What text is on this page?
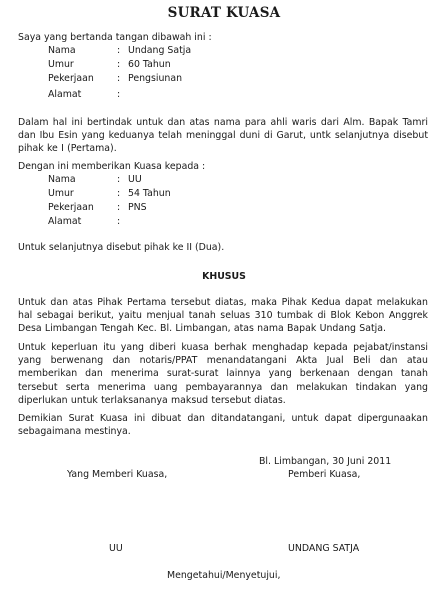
SURAT KUASA
Saya yang bertanda tangan dibawah ini :
Nama	: Undang Satja
Umur	: 60 Tahun
Pekerjaan : Pengsiunan
Alamat	:
Dalam hal ini bertindak untuk dan atas nama para ahli waris dari Alm. Bapak Tamri dan Ibu Esin yang keduanya telah meninggal duni di Garut, untk selanjutnya disebut pihak ke I (Pertama).
Dengan ini memberikan Kuasa kepada :
Nama	: UU
Umur	: 54 Tahun
Pekerjaan : PNS
Alamat	:
Untuk selanjutnya disebut pihak ke II (Dua).
KHUSUS
Untuk dan atas Pihak Pertama tersebut diatas, maka Pihak Kedua dapat melakukan hal sebagai berikut, yaitu menjual tanah seluas 310 tumbak di Blok Kebon Anggrek Desa Limbangan Tengah Kec. Bl. Limbangan, atas nama Bapak Undang Satja.
Untuk keperluan itu yang diberi kuasa berhak menghadap kepada pejabat/instansi yang berwenang dan notaris/PPAT menandatangani Akta Jual Beli dan atau memberikan dan menerima surat-surat lainnya yang berkenaan dengan tanah tersebut serta menerima uang pembayarannya dan melakukan tindakan yang diperlukan untuk terlaksananya maksud tersebut diatas.
Demikian Surat Kuasa ini dibuat dan ditandatangani, untuk dapat dipergunaakan sebagaimana mestinya.
Bl. Limbangan, 30 Juni 2011
Yang Memberi Kuasa,	Pemberi Kuasa,
UU	UNDANG SATJA
Mengetahui/Menyetujui,
